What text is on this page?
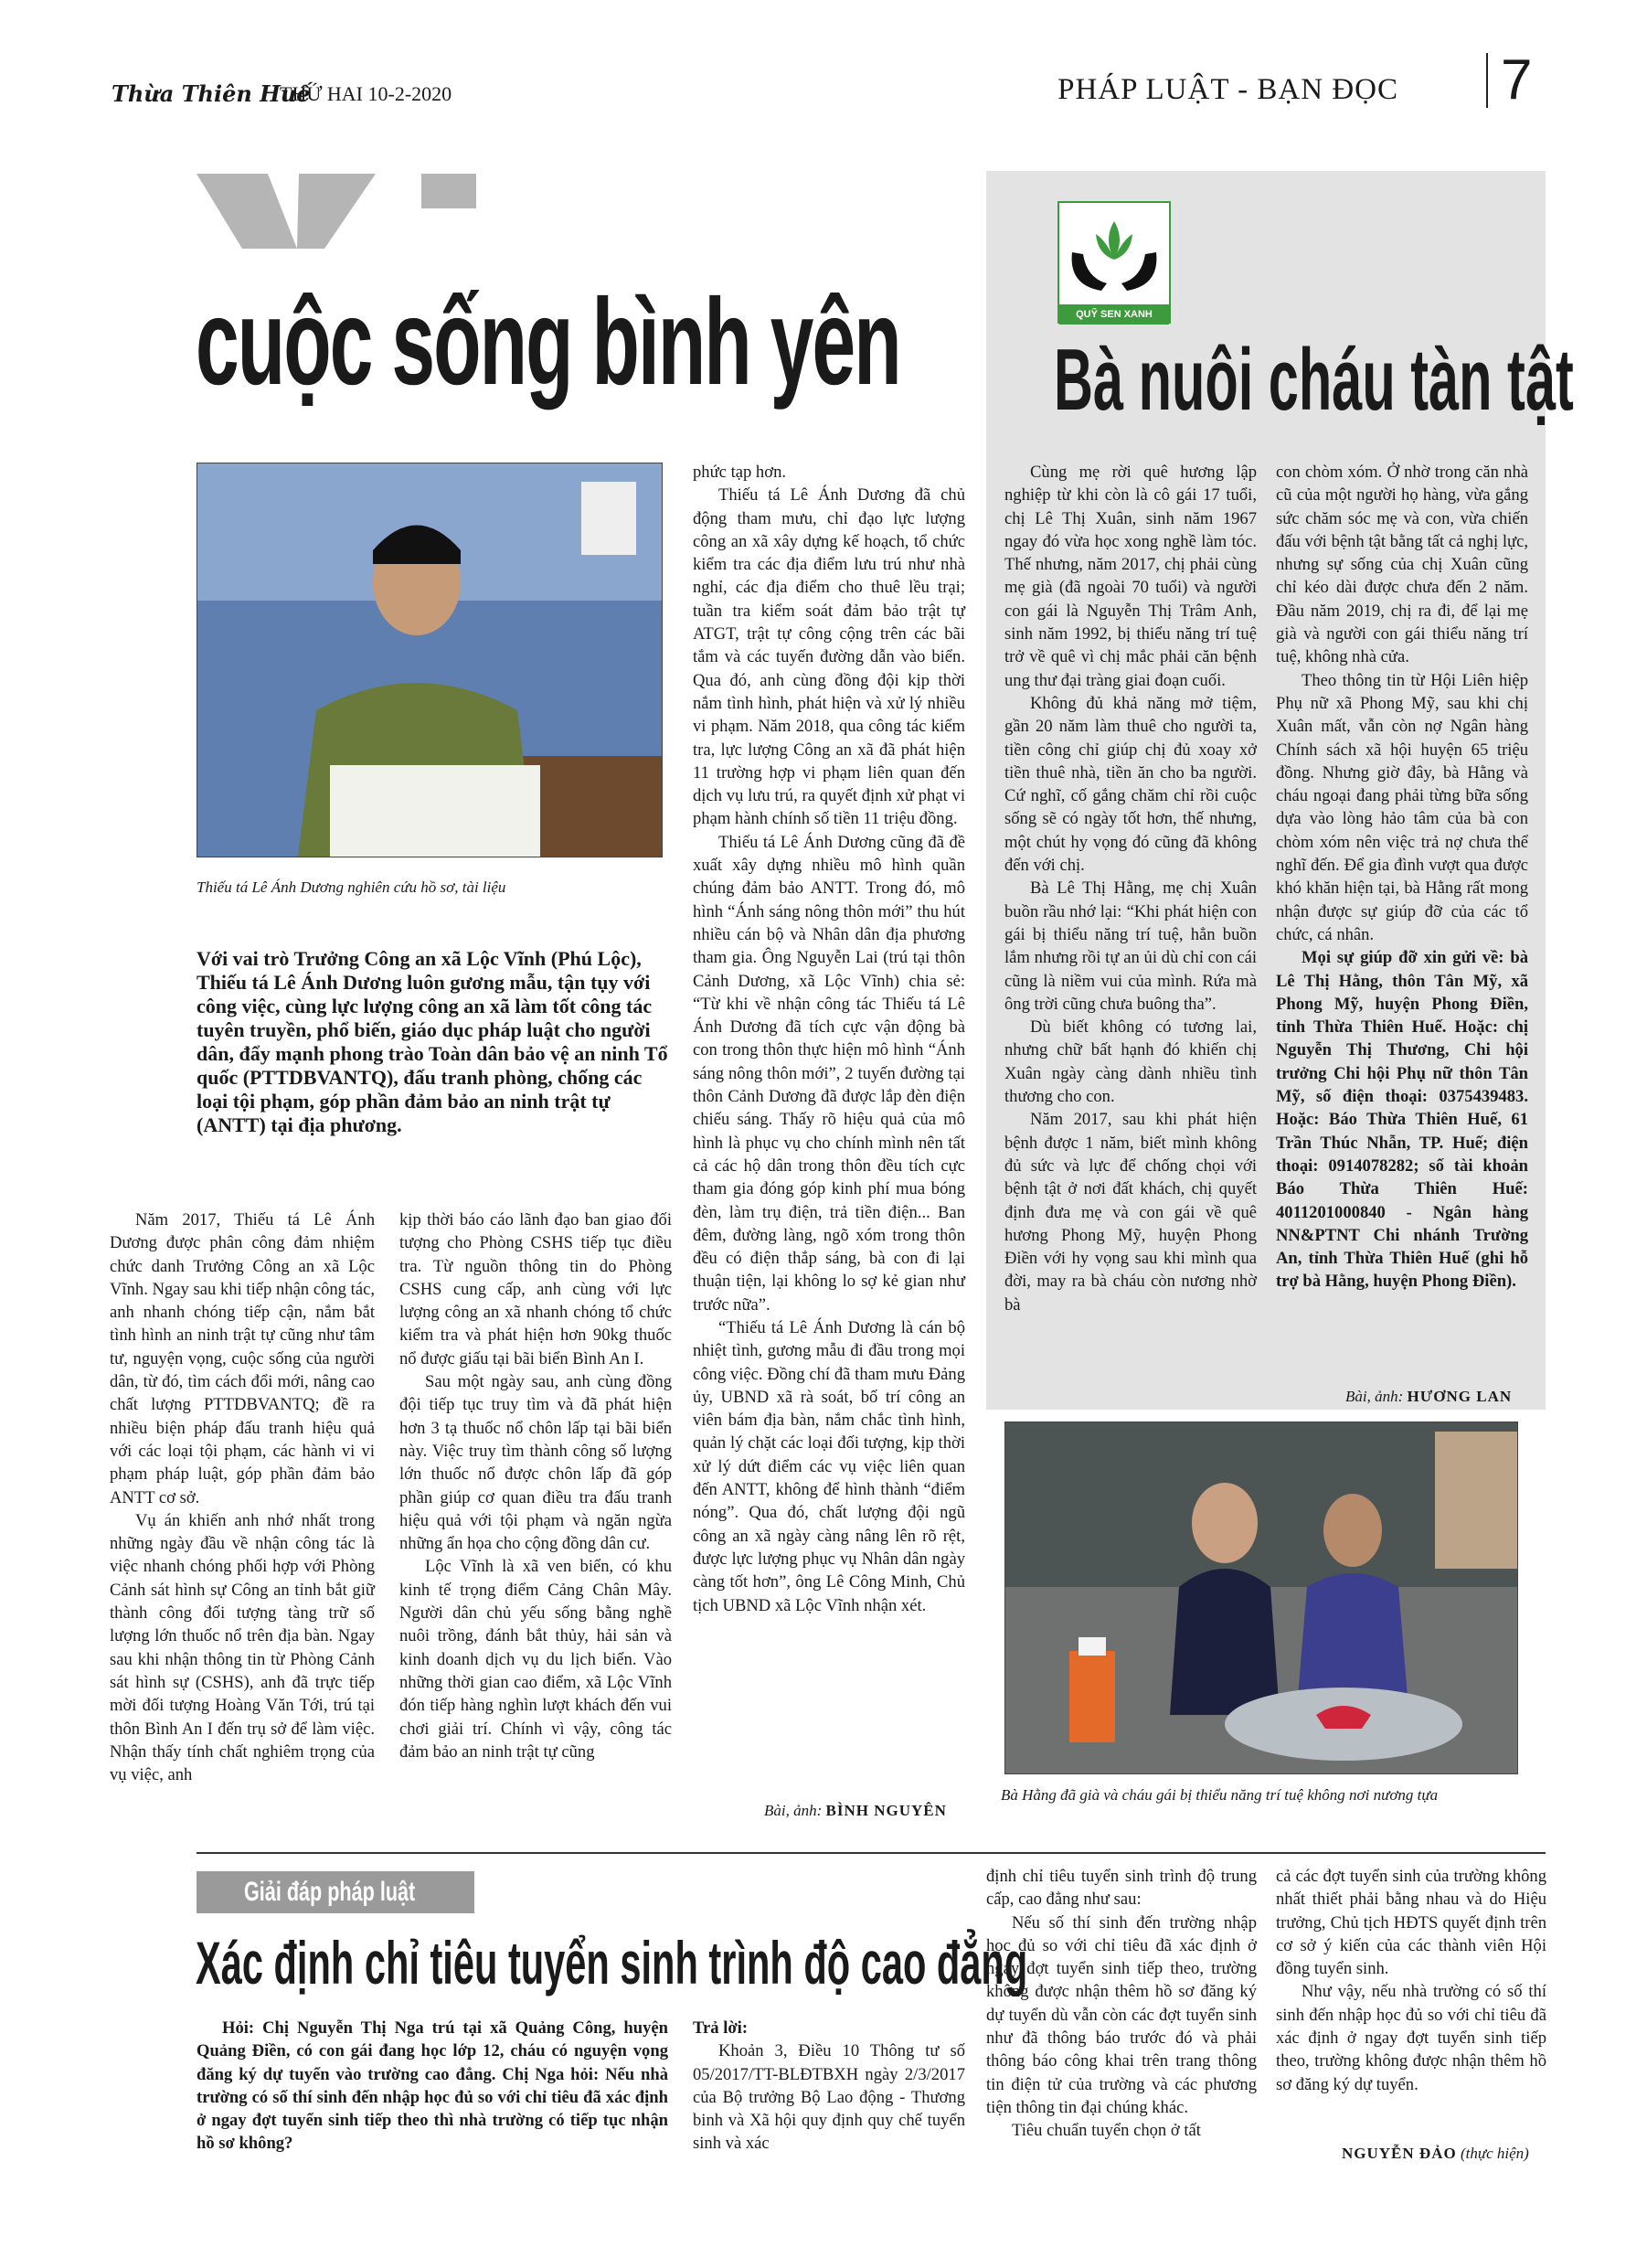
Thừa Thiên Huế
THỨ HAI 10-2-2020	PHÁP LUẬT - BẠN ĐỌC 7
cuộc sống bình yên
Thiếu tá Lê Ánh Dương nghiên cứu hồ sơ, tài liệu
Với vai trò Trưởng Công an xã Lộc Vĩnh (Phú Lộc), Thiếu tá Lê Ánh Dương luôn gương mẫu, tận tụy với công việc, cùng lực lượng công an xã làm tốt công tác tuyên truyền, phổ biến, giáo dục pháp luật cho người dân, đẩy mạnh phong trào Toàn dân bảo vệ an ninh Tổ quốc (PTTDBVANTQ), đấu tranh phòng, chống các loại tội phạm, góp phần đảm bảo an ninh trật tự (ANTT) tại địa phương.

Năm 2017, Thiếu tá Lê Ánh Dương được phân công đảm nhiệm chức danh Trưởng Công an xã Lộc Vĩnh. Ngay sau khi tiếp nhận công tác, anh nhanh chóng tiếp cận, nắm bắt tình hình an ninh trật tự cũng như tâm tư, nguyện vọng, cuộc sống của người dân, từ đó, tìm cách đổi mới, nâng cao chất lượng PTTDBVANTQ; đề ra nhiều biện pháp đấu tranh hiệu quả với các loại tội phạm, các hành vi vi phạm pháp luật, góp phần đảm bảo ANTT cơ sở.

Vụ án khiến anh nhớ nhất trong những ngày đầu về nhận công tác là việc nhanh chóng phối hợp với Phòng Cảnh sát hình sự Công an tỉnh bắt giữ thành công đối tượng tàng trữ số lượng lớn thuốc nổ trên địa bàn. Ngay sau khi nhận thông tin từ Phòng Cảnh sát hình sự (CSHS), anh đã trực tiếp mời đối tượng Hoàng Văn Tới, trú tại thôn Bình An I đến trụ sở để làm việc. Nhận thấy tính chất nghiêm trọng của vụ việc, anh

kịp thời báo cáo lãnh đạo ban giao đối tượng cho Phòng CSHS tiếp tục điều tra. Từ nguồn thông tin do Phòng CSHS cung cấp, anh cùng với lực lượng công an xã nhanh chóng tổ chức kiểm tra và phát hiện hơn 90kg thuốc nổ được giấu tại bãi biển Bình An I.

Sau một ngày sau, anh cùng đồng đội tiếp tục truy tìm và đã phát hiện hơn 3 tạ thuốc nổ chôn lấp tại bãi biển này. Việc truy tìm thành công số lượng lớn thuốc nổ được chôn lấp đã góp phần giúp cơ quan điều tra đấu tranh hiệu quả với tội phạm và ngăn ngừa những ẩn họa cho cộng đồng dân cư.

Lộc Vĩnh là xã ven biển, có khu kinh tế trọng điểm Cảng Chân Mây. Người dân chủ yếu sống bằng nghề nuôi trồng, đánh bắt thủy, hải sản và kinh doanh dịch vụ du lịch biển. Vào những thời gian cao điểm, xã Lộc Vĩnh đón tiếp hàng nghìn lượt khách đến vui chơi giải trí. Chính vì vậy, công tác đảm bảo an ninh trật tự cũng

phức tạp hơn.

Thiếu tá Lê Ánh Dương đã chủ động tham mưu, chỉ đạo lực lượng công an xã xây dựng kế hoạch, tổ chức kiểm tra các địa điểm lưu trú như nhà nghỉ, các địa điểm cho thuê lều trại; tuần tra kiểm soát đảm bảo trật tự ATGT, trật tự công cộng trên các bãi tắm và các tuyến đường dẫn vào biển. Qua đó, anh cùng đồng đội kịp thời nắm tình hình, phát hiện và xử lý nhiều vi phạm. Năm 2018, qua công tác kiểm tra, lực lượng Công an xã đã phát hiện 11 trường hợp vi phạm liên quan đến dịch vụ lưu trú, ra quyết định xử phạt vi phạm hành chính số tiền 11 triệu đồng.

Thiếu tá Lê Ánh Dương cũng đã đề xuất xây dựng nhiều mô hình quần chúng đảm bảo ANTT. Trong đó, mô hình “Ánh sáng nông thôn mới” thu hút nhiều cán bộ và Nhân dân địa phương tham gia. Ông Nguyễn Lai (trú tại thôn Cảnh Dương, xã Lộc Vĩnh) chia sẻ: “Từ khi về nhận công tác Thiếu tá Lê Ánh Dương đã tích cực vận động bà con trong thôn thực hiện mô hình “Ánh sáng nông thôn mới”, 2 tuyến đường tại thôn Cảnh Dương đã được lắp đèn điện chiếu sáng. Thấy rõ hiệu quả của mô hình là phục vụ cho chính mình nên tất cả các hộ dân trong thôn đều tích cực tham gia đóng góp kinh phí mua bóng đèn, làm trụ điện, trả tiền điện... Ban đêm, đường làng, ngõ xóm trong thôn đều có điện thắp sáng, bà con đi lại thuận tiện, lại không lo sợ kẻ gian như trước nữa”.

“Thiếu tá Lê Ánh Dương là cán bộ nhiệt tình, gương mẫu đi đầu trong mọi công việc. Đồng chí đã tham mưu Đảng ủy, UBND xã rà soát, bố trí công an viên bám địa bàn, nắm chắc tình hình, quản lý chặt các loại đối tượng, kịp thời xử lý dứt điểm các vụ việc liên quan đến ANTT, không để hình thành “điểm nóng”. Qua đó, chất lượng đội ngũ công an xã ngày càng nâng lên rõ rệt, được lực lượng phục vụ Nhân dân ngày càng tốt hơn”, ông Lê Công Minh, Chủ tịch UBND xã Lộc Vĩnh nhận xét.

Bài, ảnh: BÌNH NGUYÊN
QUỸ SEN XANH
Bà nuôi cháu tàn tật

Cùng mẹ rời quê hương lập nghiệp từ khi còn là cô gái 17 tuổi, chị Lê Thị Xuân, sinh năm 1967 ngay đó vừa học xong nghề làm tóc. Thế nhưng, năm 2017, chị phải cùng mẹ già (đã ngoài 70 tuổi) và người con gái là Nguyễn Thị Trâm Anh, sinh năm 1992, bị thiểu năng trí tuệ trở về quê vì chị mắc phải căn bệnh ung thư đại tràng giai đoạn cuối.

Không đủ khả năng mở tiệm, gần 20 năm làm thuê cho người ta, tiền công chỉ giúp chị đủ xoay xở tiền thuê nhà, tiền ăn cho ba người. Cứ nghĩ, cố gắng chăm chỉ rồi cuộc sống sẽ có ngày tốt hơn, thế nhưng, một chút hy vọng đó cũng đã không đến với chị.

Bà Lê Thị Hằng, mẹ chị Xuân buồn rầu nhớ lại: “Khi phát hiện con gái bị thiểu năng trí tuệ, hẳn buồn lắm nhưng rồi tự an ủi dù chỉ con cái cũng là niềm vui của mình. Rứa mà ông trời cũng chưa buông tha”.

Dù biết không có tương lai, nhưng chữ bất hạnh đó khiến chị Xuân ngày càng dành nhiều tình thương cho con.

Năm 2017, sau khi phát hiện bệnh được 1 năm, biết mình không đủ sức và lực để chống chọi với bệnh tật ở nơi đất khách, chị quyết định đưa mẹ và con gái về quê hương Phong Mỹ, huyện Phong Điền với hy vọng sau khi mình qua đời, may ra bà cháu còn nương nhờ bà

con chòm xóm. Ở nhờ trong căn nhà cũ của một người họ hàng, vừa gắng sức chăm sóc mẹ và con, vừa chiến đấu với bệnh tật bằng tất cả nghị lực, nhưng sự sống của chị Xuân cũng chỉ kéo dài được chưa đến 2 năm. Đầu năm 2019, chị ra đi, để lại mẹ già và người con gái thiểu năng trí tuệ, không nhà cửa.

Theo thông tin từ Hội Liên hiệp Phụ nữ xã Phong Mỹ, sau khi chị Xuân mất, vẫn còn nợ Ngân hàng Chính sách xã hội huyện 65 triệu đồng. Nhưng giờ đây, bà Hằng và cháu ngoại đang phải từng bữa sống dựa vào lòng hảo tâm của bà con chòm xóm nên việc trả nợ chưa thể nghĩ đến. Để gia đình vượt qua được khó khăn hiện tại, bà Hằng rất mong nhận được sự giúp đỡ của các tổ chức, cá nhân.

Mọi sự giúp đỡ xin gửi về: bà Lê Thị Hằng, thôn Tân Mỹ, xã Phong Mỹ, huyện Phong Điền, tỉnh Thừa Thiên Huế. Hoặc: chị Nguyễn Thị Thương, Chi hội trưởng Chi hội Phụ nữ thôn Tân Mỹ, số điện thoại: 0375439483. Hoặc: Báo Thừa Thiên Huế, 61 Trần Thúc Nhẫn, TP. Huế; điện thoại: 0914078282; số tài khoản Báo Thừa Thiên Huế: 4011201000840 - Ngân hàng NN&PTNT Chi nhánh Trường An, tỉnh Thừa Thiên Huế (ghi hỗ trợ bà Hằng, huyện Phong Điền).

Bài, ảnh: HƯƠNG LAN
Bà Hằng đã già và cháu gái bị thiểu năng trí tuệ không nơi nương tựa
Giải đáp pháp luật
Xác định chỉ tiêu tuyển sinh trình độ cao đẳng

Hỏi: Chị Nguyễn Thị Nga trú tại xã Quảng Công, huyện Quảng Điền, có con gái đang học lớp 12, cháu có nguyện vọng đăng ký dự tuyển vào trường cao đẳng. Chị Nga hỏi: Nếu nhà trường có số thí sinh đến nhập học đủ so với chỉ tiêu đã xác định ở ngay đợt tuyển sinh tiếp theo thì nhà trường có tiếp tục nhận hồ sơ không?

Trả lời:

Khoản 3, Điều 10 Thông tư số 05/2017/TT-BLĐTBXH ngày 2/3/2017 của Bộ trưởng Bộ Lao động - Thương binh và Xã hội quy định quy chế tuyển sinh và xác

định chỉ tiêu tuyển sinh trình độ trung cấp, cao đẳng như sau:

Nếu số thí sinh đến trường nhập học đủ so với chỉ tiêu đã xác định ở ngay đợt tuyển sinh tiếp theo, trường không được nhận thêm hồ sơ đăng ký dự tuyển dù vẫn còn các đợt tuyển sinh như đã thông báo trước đó và phải thông báo công khai trên trang thông tin điện tử của trường và các phương tiện thông tin đại chúng khác.

Tiêu chuẩn tuyển chọn ở tất

cả các đợt tuyển sinh của trường không nhất thiết phải bằng nhau và do Hiệu trưởng, Chủ tịch HĐTS quyết định trên cơ sở ý kiến của các thành viên Hội đồng tuyển sinh.

Như vậy, nếu nhà trường có số thí sinh đến nhập học đủ so với chỉ tiêu đã xác định ở ngay đợt tuyển sinh tiếp theo, trường không được nhận thêm hồ sơ đăng ký dự tuyển.

NGUYỄN ĐẢO (thực hiện)
